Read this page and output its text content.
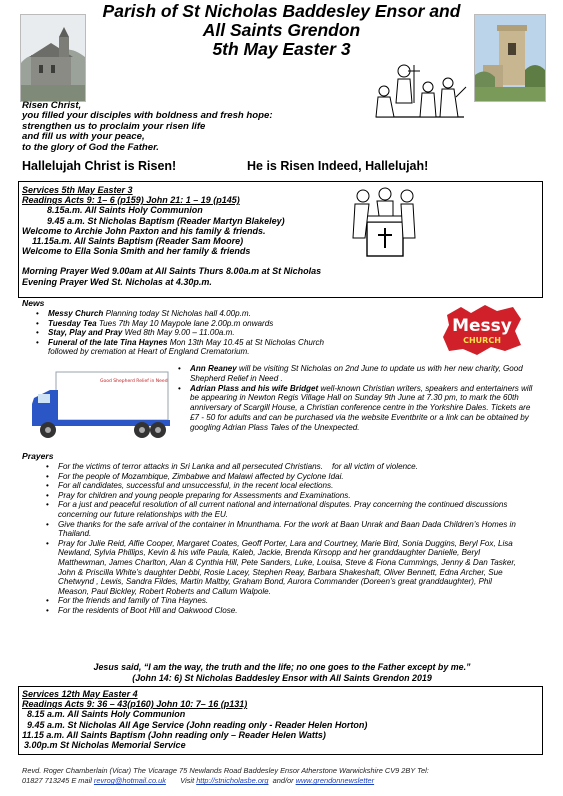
Parish of St Nicholas Baddesley Ensor and
All Saints Grendon
5th May Easter 3
Risen Christ,
you filled your disciples with boldness and fresh hope:
strengthen us to proclaim your risen life
and fill us with your peace,
to the glory of God the Father.
Hallelujah Christ is Risen!	He is Risen Indeed, Hallelujah!
Services 5th May Easter 3
Readings Acts 9: 1– 6 (p159) John 21: 1 – 19 (p145)
8.15a.m. All Saints Holy Communion
9.45 a.m. St Nicholas Baptism (Reader Martyn Blakeley)
Welcome to Archie John Paxton and his family & friends.
11.15a.m. All Saints Baptism (Reader Sam Moore)
Welcome to Ella Sonia Smith and her family & friends
Morning Prayer Wed 9.00am at All Saints Thurs 8.00a.m at St Nicholas
Evening Prayer Wed St. Nicholas at 4.30p.m.
News
• Messy Church Planning today St Nicholas hall 4.00p.m.
• Tuesday Tea Tues 7th May 10 Maypole lane 2.00p.m onwards
• Stay, Play and Pray Wed 8th May 9.00 – 11.00a.m.
• Funeral of the late Tina Haynes Mon 13th May 10.45 at St Nicholas Church followed by cremation at Heart of England Crematorium.
Messy
CHURCH
Good Shepherd Relief in Need
• Ann Reaney will be visiting St Nicholas on 2nd June to update us with her new charity, Good Shepherd Relief in Need .
• Adrian Plass and his wife Bridget well-known Christian writers, speakers and entertainers will be appearing in Newton Regis Village Hall on Sunday 9th June at 7.30 pm, to mark the 60th anniversary of Scargill House, a Christian conference centre in the Yorkshire Dales. Tickets are £7 - 50 for adults and can be purchased via the website Eventbrite or a link can be obtained by googling Adrian Plass Tales of the Unexpected.
Prayers
• For the victims of terror attacks in Sri Lanka and all persecuted Christians.    for all victim of violence.
• For the people of Mozambique, Zimbabwe and Malawi affected by Cyclone Idai.
• For all candidates, successful and unsuccessful, in the recent local elections.
• Pray for children and young people preparing for Assessments and Examinations.
• For a just and peaceful resolution of all current national and international disputes. Pray concerning the continued discussions concerning our future relationships with the EU.
• Give thanks for the safe arrival of the container in Mnunthama. For the work at Baan Unrak and Baan Dada Children’s Homes in Thailand.
• Pray for Julie Reid, Alfie Cooper, Margaret Coates, Geoff Porter, Lara and Courtney, Marie Bird, Sonia Duggins, Beryl Fox, Lisa Newland, Sylvia Phillips, Kevin & his wife Paula, Kaleb, Jackie, Brenda Kirsopp and her granddaughter Danielle, Beryl Matthewman, James Charlton, Alan & Cynthia Hill, Pete Sanders, Luke, Louisa, Steve & Fiona Cummings, Jenny & Dan Tasker, John & Priscilla White’s daughter Debbi, Rosie Lacey, Stephen Reay, Barbara Shakeshaft, Oliver Bennett, Edna Archer, Sue Chetwynd , Lewis, Sandra Fildes, Martin Maltby, Graham Bond, Aurora Commander (Doreen’s great granddaughter), Phil Meason, Paul Bickley, Robert Roberts and Callum Walpole.
• For the friends and family of Tina Haynes.
• For the residents of Boot Hill and Oakwood Close.
Jesus said, “I am the way, the truth and the life; no one goes to the Father except by me.”
(John 14: 6) St Nicholas Baddesley Ensor with All Saints Grendon 2019
Services 12th May Easter 4
Readings Acts 9: 36 – 43(p160) John 10: 7– 16 (p131)
8.15 a.m. All Saints Holy Communion
9.45 a.m. St Nicholas All Age Service (John reading only - Reader Helen Horton)
11.15 a.m. All Saints Baptism (John reading only – Reader Helen Watts)
3.00p.m St Nicholas Memorial Service
Revd. Roger Chamberlain (Vicar) The Vicarage 75 Newlands Road Baddesley Ensor Atherstone Warwickshire CV9 2BY Tel:
01827 713245 E mail revrog@hotmail.co.uk       Visit http://stnicholasbe.org  and/or www.grendonnewsletter
